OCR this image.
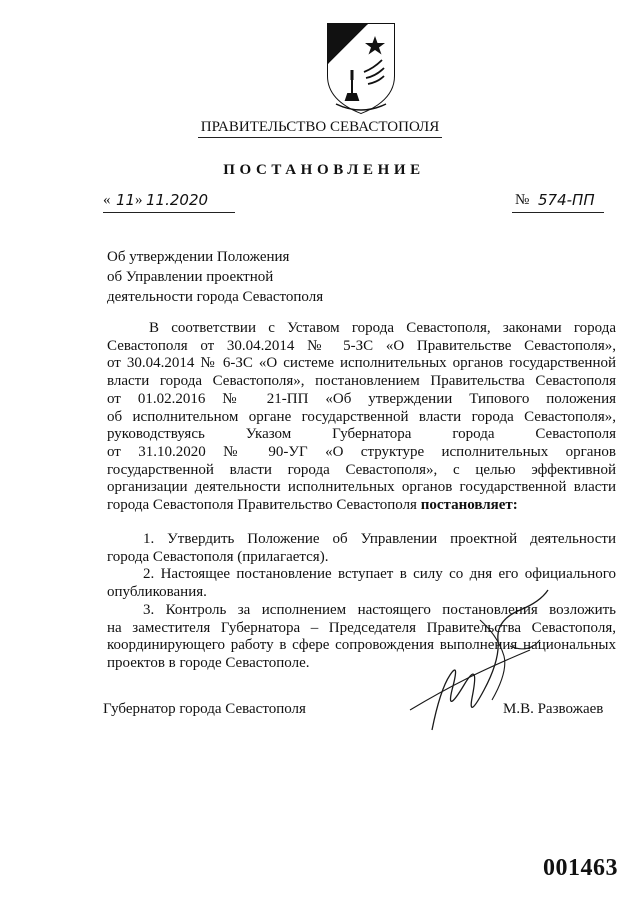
ПРАВИТЕЛЬСТВО СЕВАСТОПОЛЯ
ПОСТАНОВЛЕНИЕ
« 11 » 11.2020	№ 574-ПП
Об утверждении Положения
об Управлении проектной
деятельности города Севастополя
В соответствии с Уставом города Севастополя, законами города
Севастополя от 30.04.2014 № 5-ЗС «О Правительстве Севастополя»,
от 30.04.2014 № 6-ЗС «О системе исполнительных органов государственной
власти города Севастополя», постановлением Правительства Севастополя
от 01.02.2016 № 21-ПП «Об утверждении Типового положения
об исполнительном органе государственной власти города Севастополя»,
руководствуясь Указом Губернатора города Севастополя
от 31.10.2020 № 90-УГ «О структуре исполнительных органов
государственной власти города Севастополя», с целью эффективной
организации деятельности исполнительных органов государственной власти
города Севастополя Правительство Севастополя постановляет:
1. Утвердить Положение об Управлении проектной деятельности
города Севастополя (прилагается).
2. Настоящее постановление вступает в силу со дня его официального
опубликования.
3. Контроль за исполнением настоящего постановления возложить
на заместителя Губернатора – Председателя Правительства Севастополя,
координирующего работу в сфере сопровождения выполнения национальных
проектов в городе Севастополе.
Губернатор города Севастополя	М.В. Развожаев
001463
